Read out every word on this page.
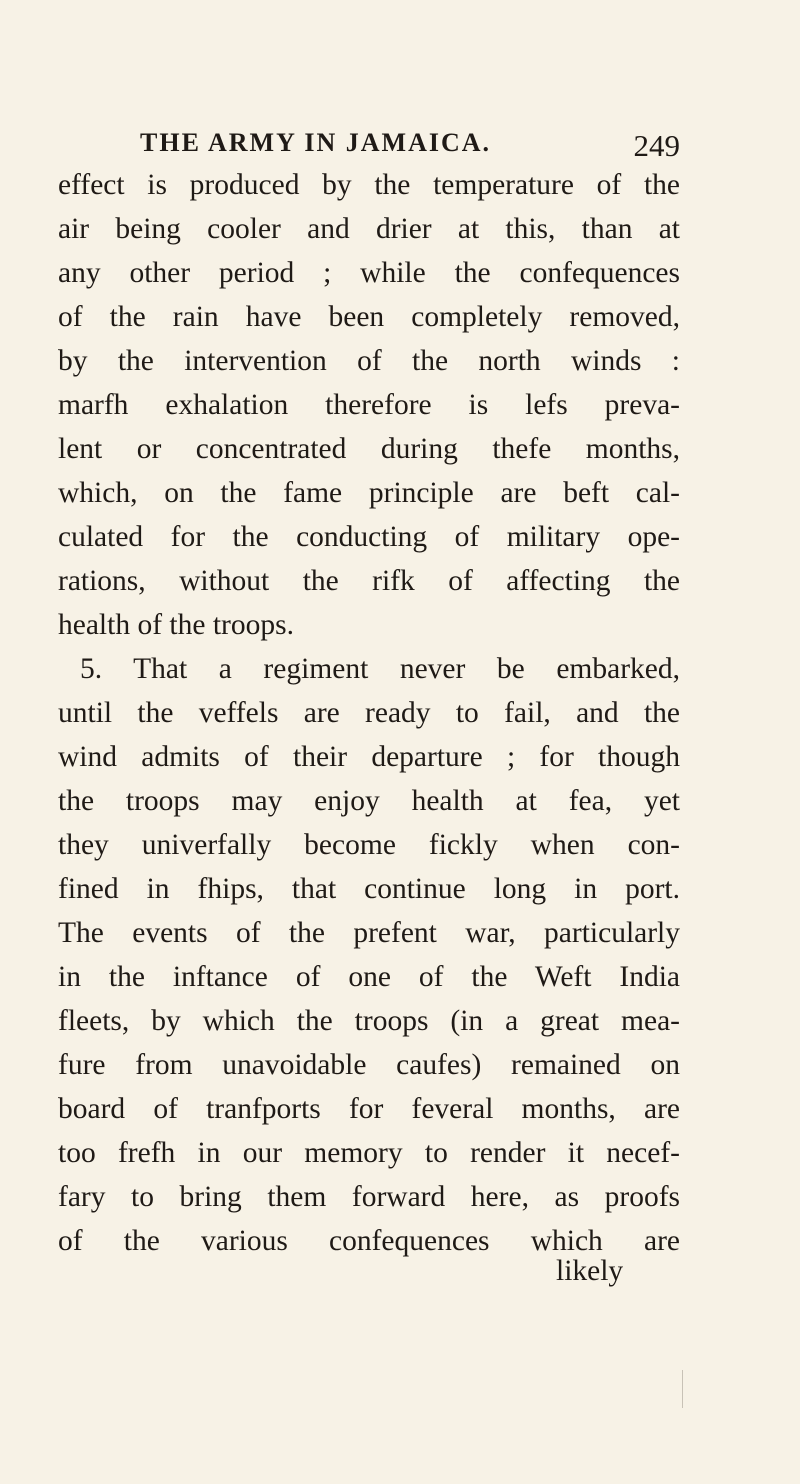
THE ARMY IN JAMAICA.	249
effect is produced by the temperature of the
air being cooler and drier at this, than at
any other period ; while the confequences
of the rain have been completely removed,
by the intervention of the north winds :
marfh exhalation therefore is lefs preva-
lent or concentrated during thefe months,
which, on the fame principle are beft cal-
culated for the conducting of military ope-
rations, without the rifk of affecting the
health of the troops.
5. That a regiment never be embarked,
until the veffels are ready to fail, and the
wind admits of their departure ; for though
the troops may enjoy health at fea, yet
they univerfally become fickly when con-
fined in fhips, that continue long in port.
The events of the prefent war, particularly
in the inftance of one of the Weft India
fleets, by which the troops (in a great mea-
fure from unavoidable caufes) remained on
board of tranfports for feveral months, are
too frefh in our memory to render it necef-
fary to bring them forward here, as proofs
of the various confequences which are
likely
